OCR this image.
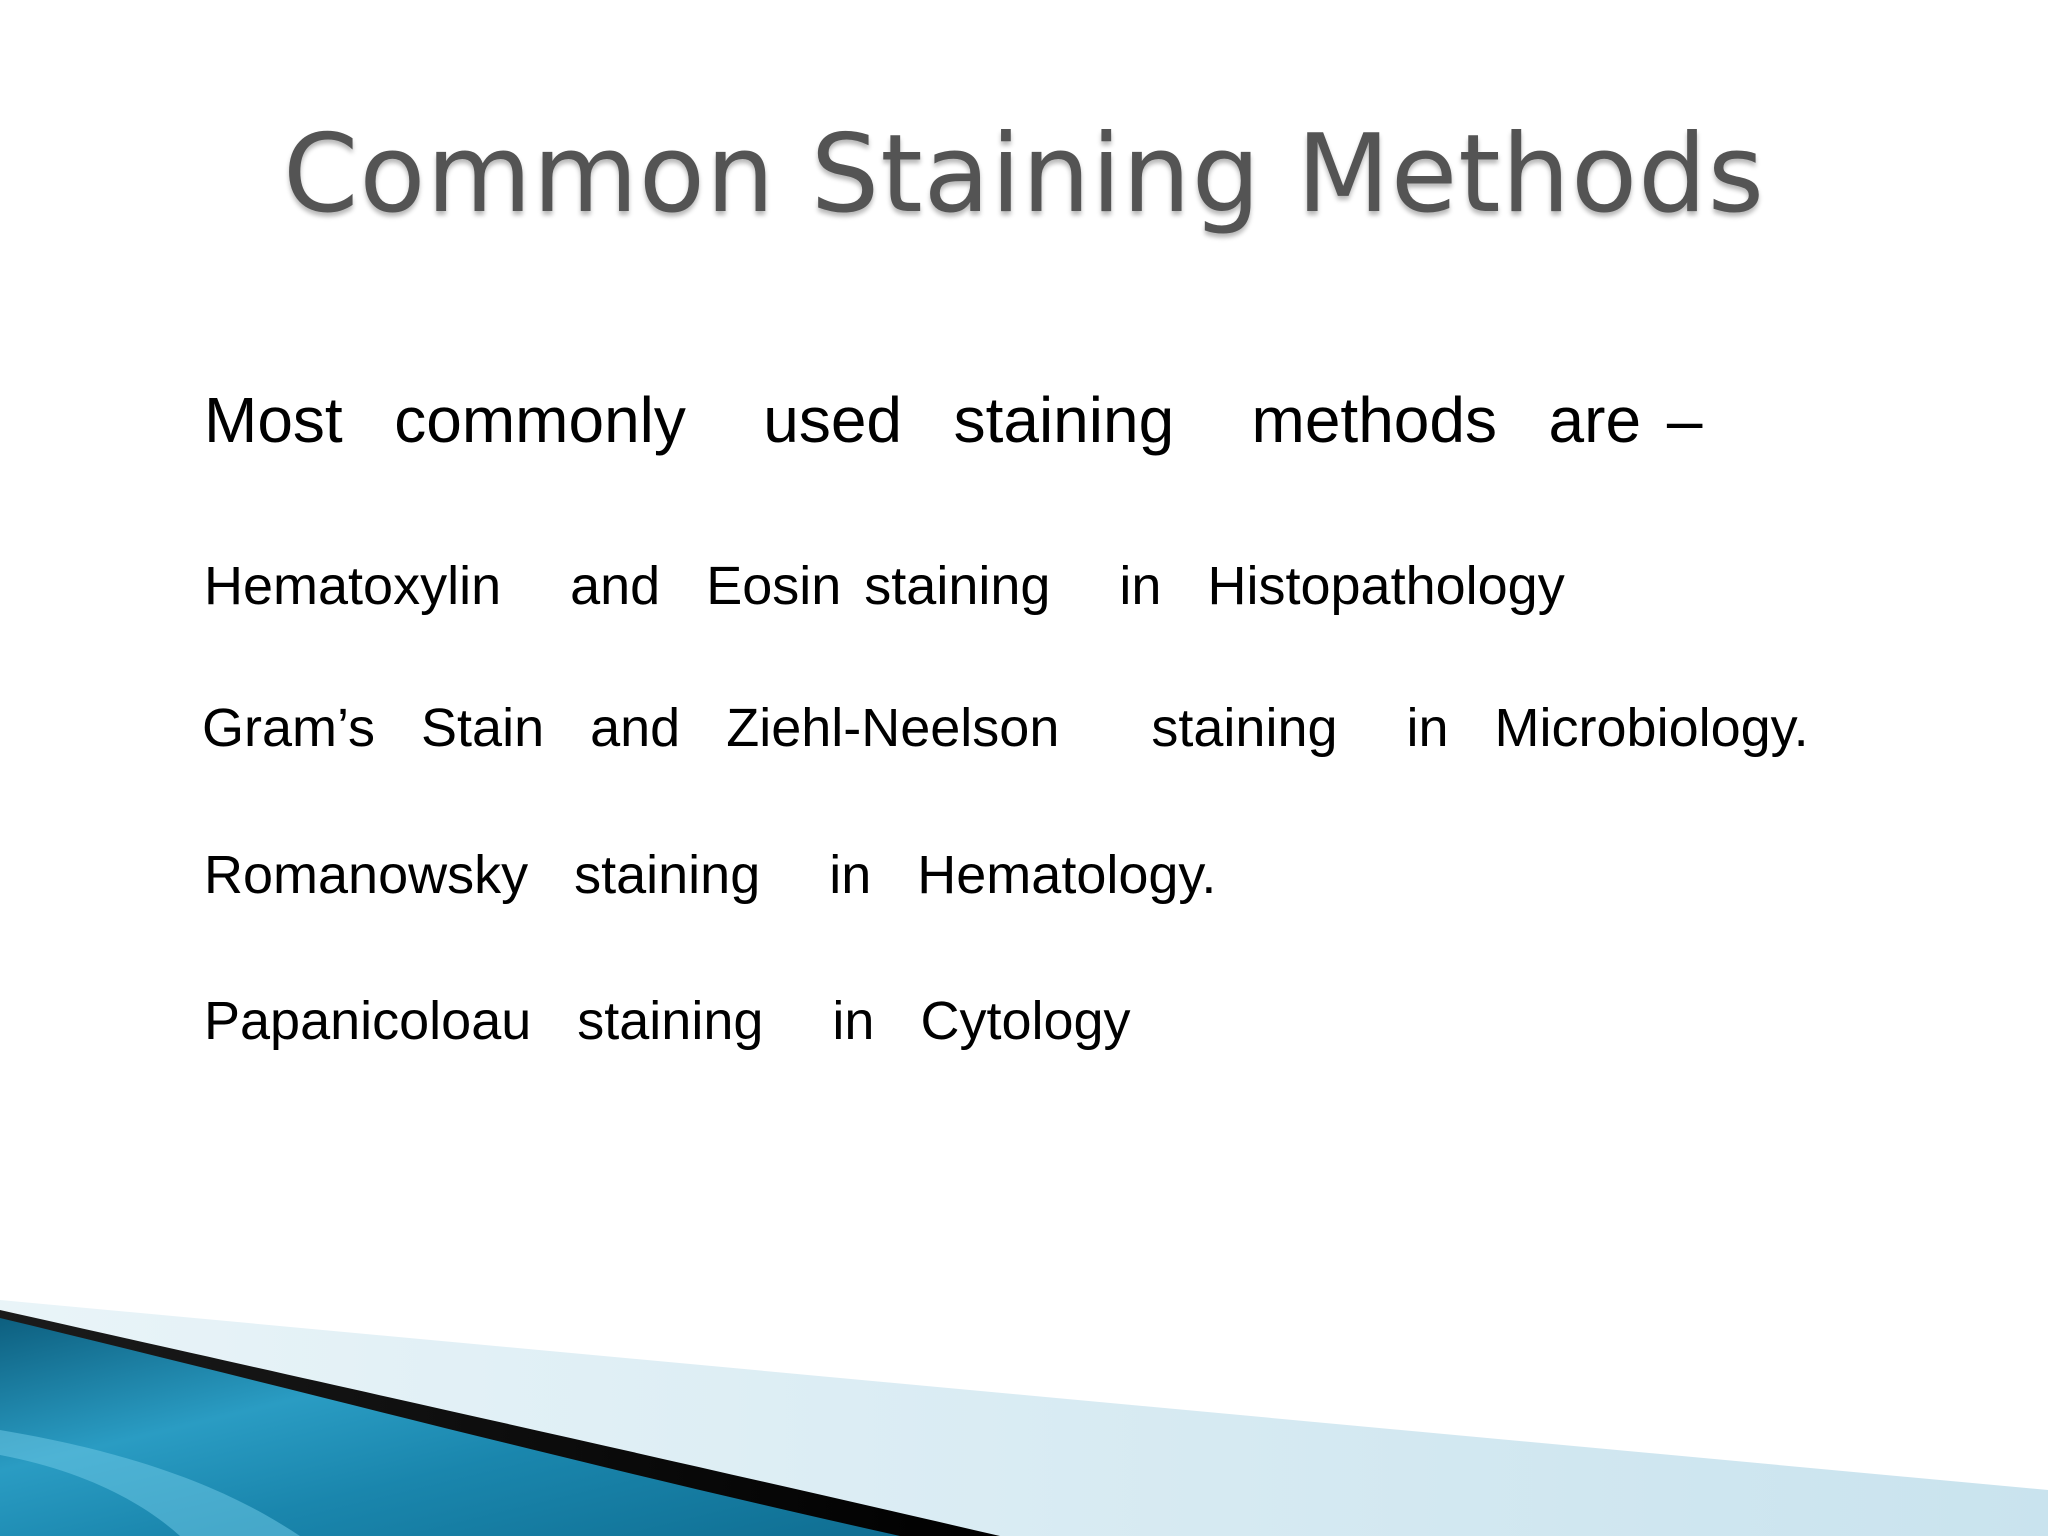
Common Staining Methods

Most  commonly   used  staining   methods  are –

Hematoxylin   and  Eosin staining   in  Histopathology

Gram’s  Stain  and  Ziehl-Neelson    staining   in  Microbiology.

Romanowsky  staining   in  Hematology.

Papanicoloau  staining   in  Cytology
